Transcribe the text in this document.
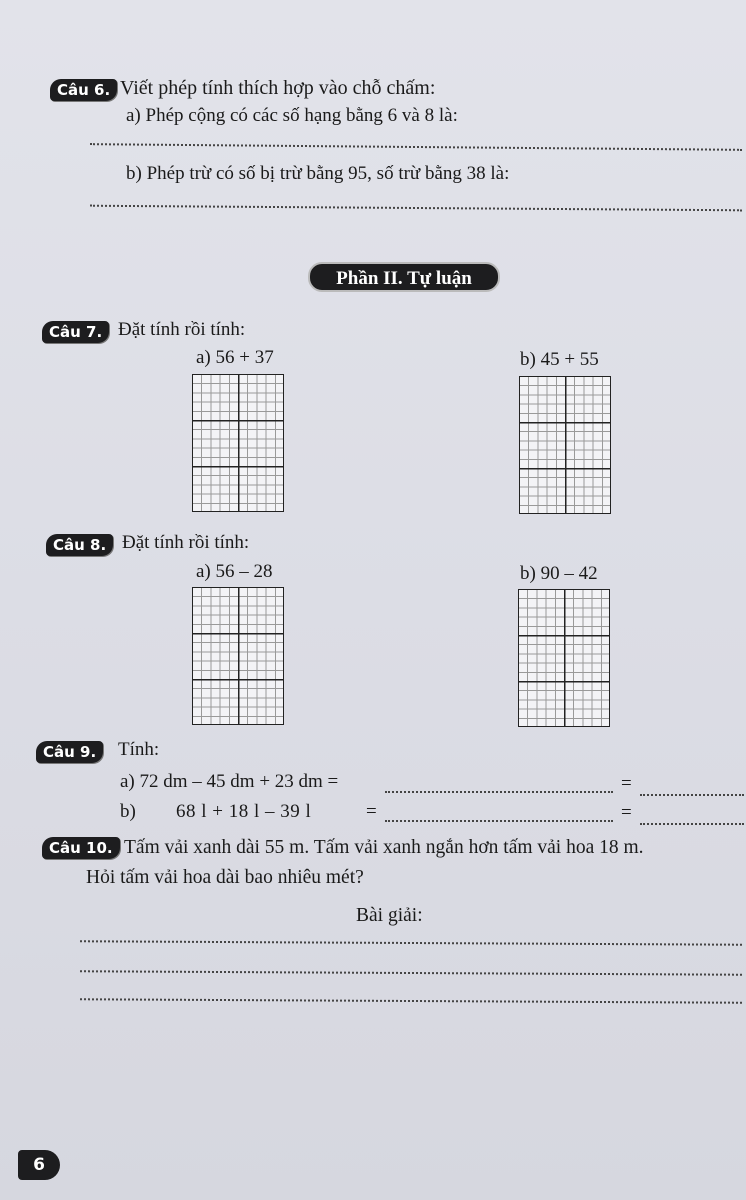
Câu 6. Viết phép tính thích hợp vào chỗ chấm:
a) Phép cộng có các số hạng bằng 6 và 8 là:
b) Phép trừ có số bị trừ bằng 95, số trừ bằng 38 là:
Phần II. Tự luận
Câu 7. Đặt tính rồi tính:
a) 56 + 37	b) 45 + 55
Câu 8. Đặt tính rồi tính:
a) 56 – 28	b) 90 – 42
Câu 9.	Tính:
a) 72 dm – 45 dm + 23 dm =	=
b) 68 l + 18 l – 39 l	=	=
Câu 10. Tấm vải xanh dài 55 m. Tấm vải xanh ngắn hơn tấm vải hoa 18 m.
Hỏi tấm vải hoa dài bao nhiêu mét?
Bài giải:
6
